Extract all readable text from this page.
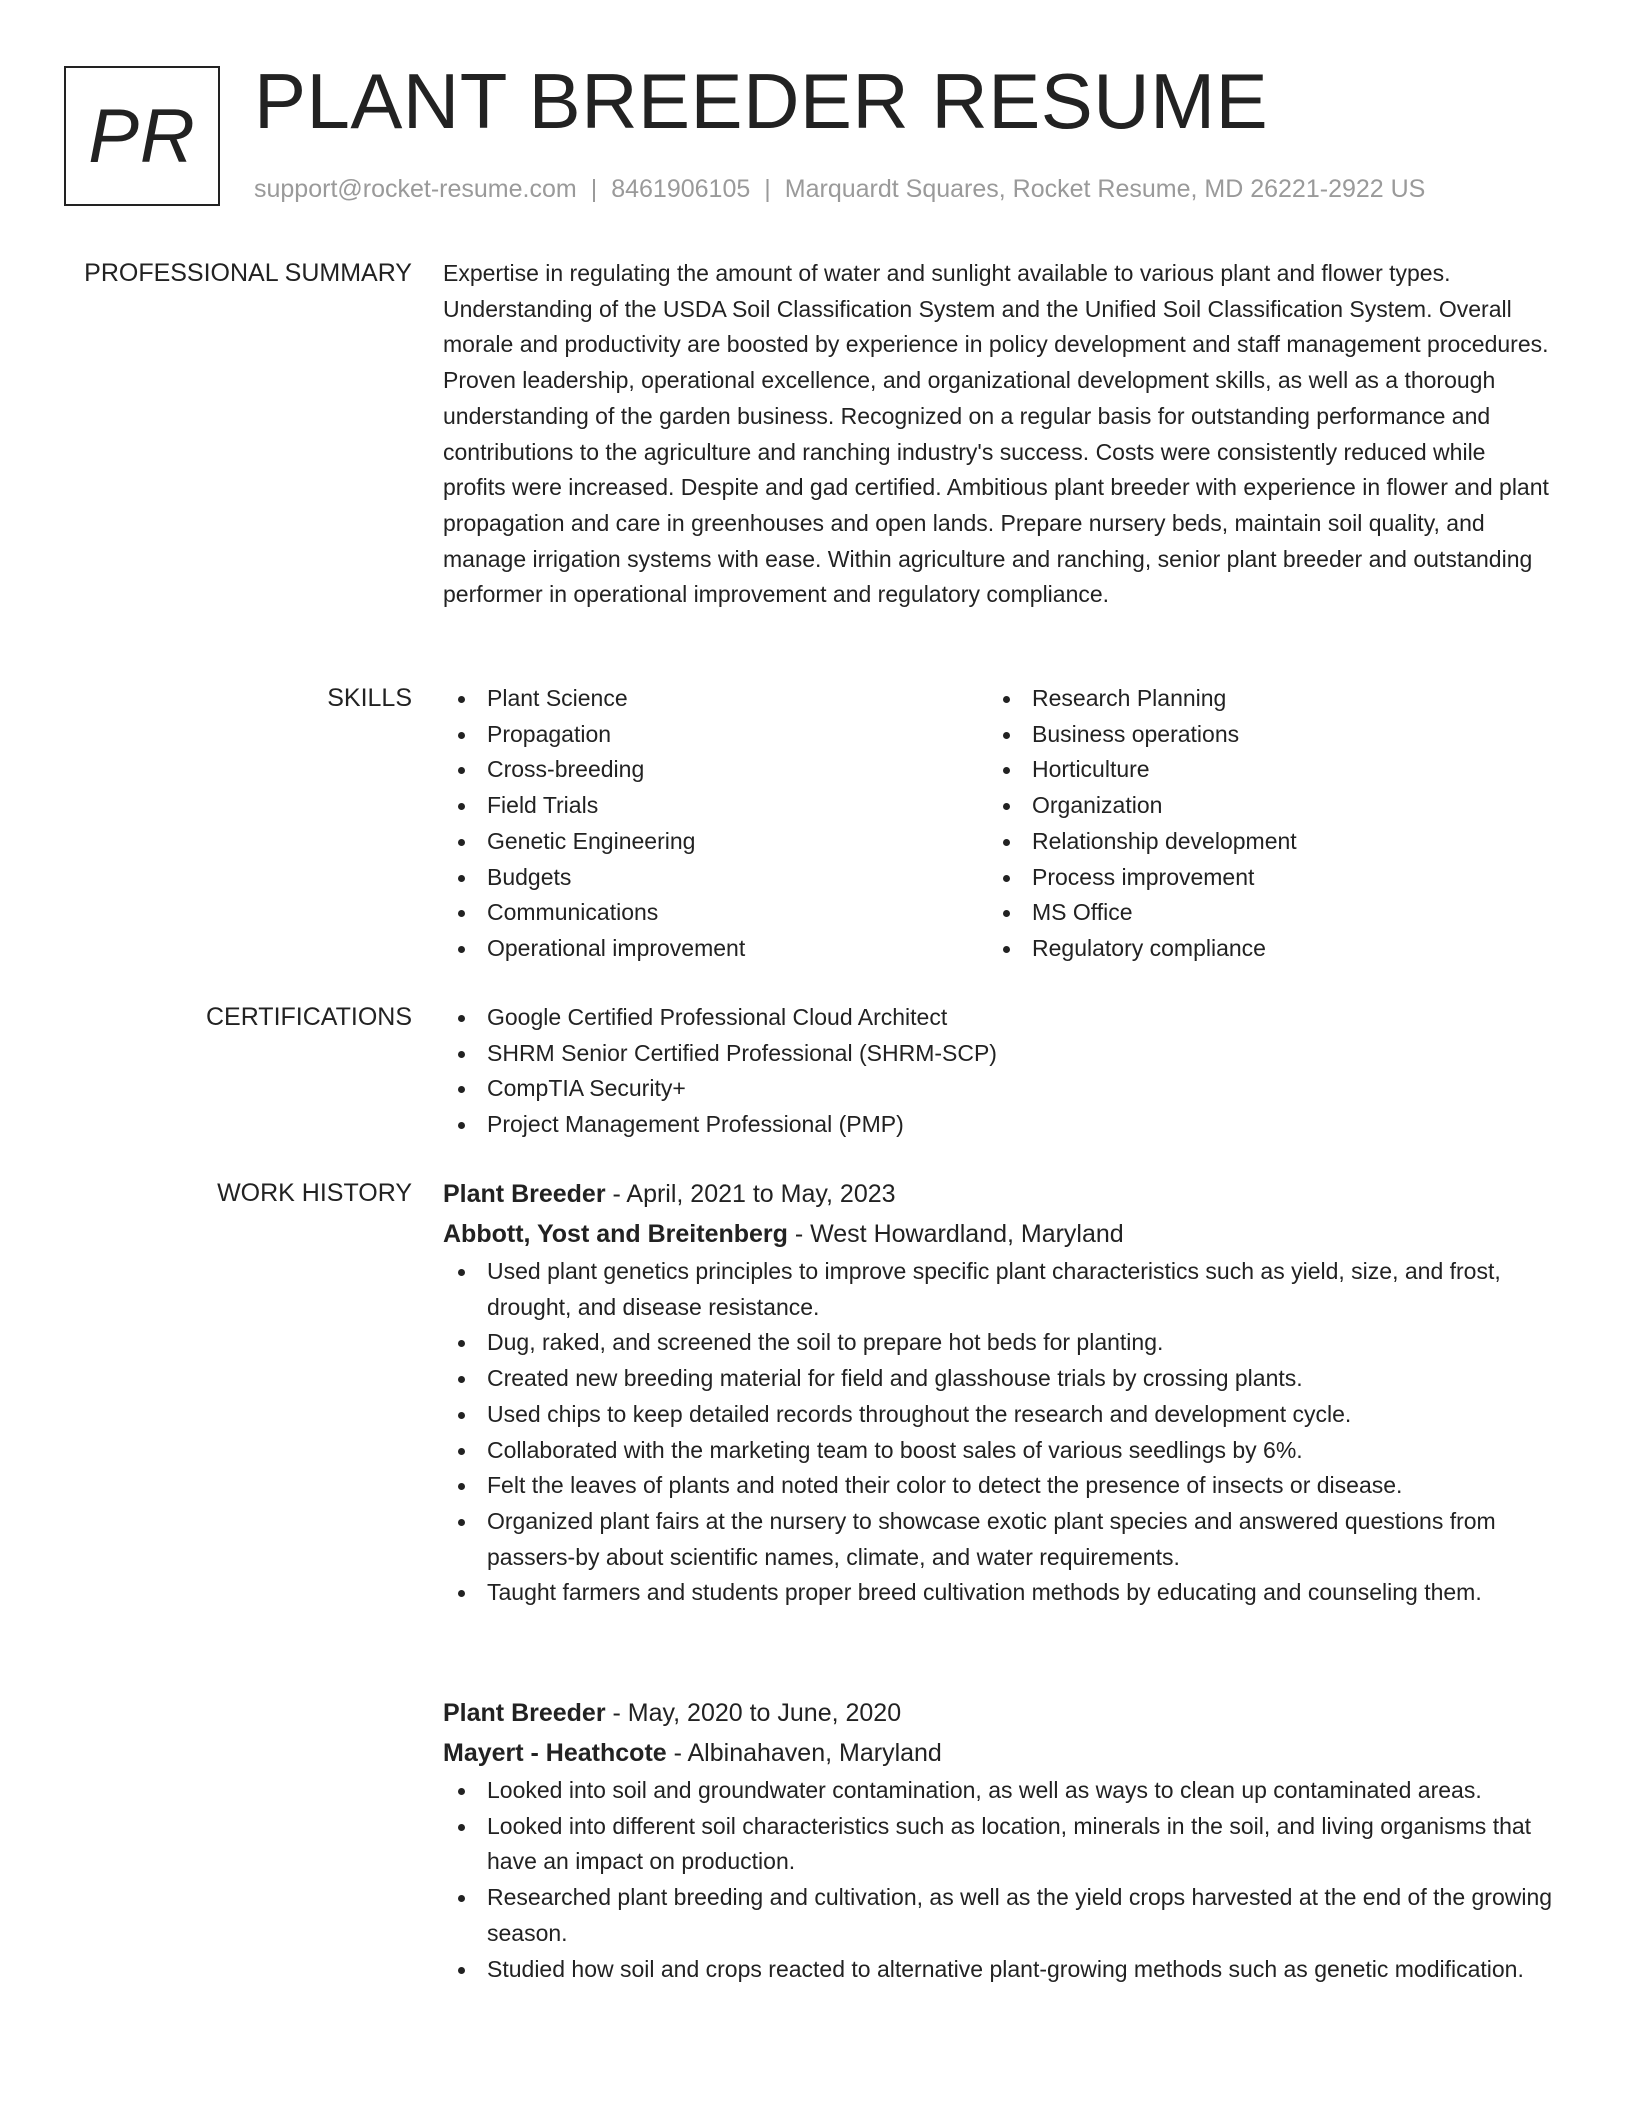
PR PLANT BREEDER RESUME
support@rocket-resume.com | 8461906105 | Marquardt Squares, Rocket Resume, MD 26221-2922 US
PROFESSIONAL SUMMARY Expertise in regulating the amount of water and sunlight available to various plant and flower types. Understanding of the USDA Soil Classification System and the Unified Soil Classification System. Overall morale and productivity are boosted by experience in policy development and staff management procedures. Proven leadership, operational excellence, and organizational development skills, as well as a thorough understanding of the garden business. Recognized on a regular basis for outstanding performance and contributions to the agriculture and ranching industry's success. Costs were consistently reduced while profits were increased. Despite and gad certified. Ambitious plant breeder with experience in flower and plant propagation and care in greenhouses and open lands. Prepare nursery beds, maintain soil quality, and manage irrigation systems with ease. Within agriculture and ranching, senior plant breeder and outstanding performer in operational improvement and regulatory compliance.

SKILLS	Plant Science
Propagation
Cross-breeding
Field Trials
Genetic Engineering
Budgets
Communications
Operational improvement
Research Planning
Business operations
Horticulture
Organization
Relationship development
Process improvement
MS Office
Regulatory compliance
CERTIFICATIONS	Google Certified Professional Cloud Architect
SHRM Senior Certified Professional (SHRM-SCP)
CompTIA Security+
Project Management Professional (PMP)
WORK HISTORY Plant Breeder - April, 2021 to May, 2023
Abbott, Yost and Breitenberg - West Howardland, Maryland
Used plant genetics principles to improve specific plant characteristics such as yield, size, and frost, drought, and disease resistance.
Dug, raked, and screened the soil to prepare hot beds for planting.
Created new breeding material for field and glasshouse trials by crossing plants.
Used chips to keep detailed records throughout the research and development cycle.
Collaborated with the marketing team to boost sales of various seedlings by 6%.
Felt the leaves of plants and noted their color to detect the presence of insects or disease.
Organized plant fairs at the nursery to showcase exotic plant species and answered questions from passers-by about scientific names, climate, and water requirements.
Taught farmers and students proper breed cultivation methods by educating and counseling them.
Plant Breeder - May, 2020 to June, 2020
Mayert - Heathcote - Albinahaven, Maryland
Looked into soil and groundwater contamination, as well as ways to clean up contaminated areas.
Looked into different soil characteristics such as location, minerals in the soil, and living organisms that have an impact on production.
Researched plant breeding and cultivation, as well as the yield crops harvested at the end of the growing season.
Studied how soil and crops reacted to alternative plant-growing methods such as genetic modification.
